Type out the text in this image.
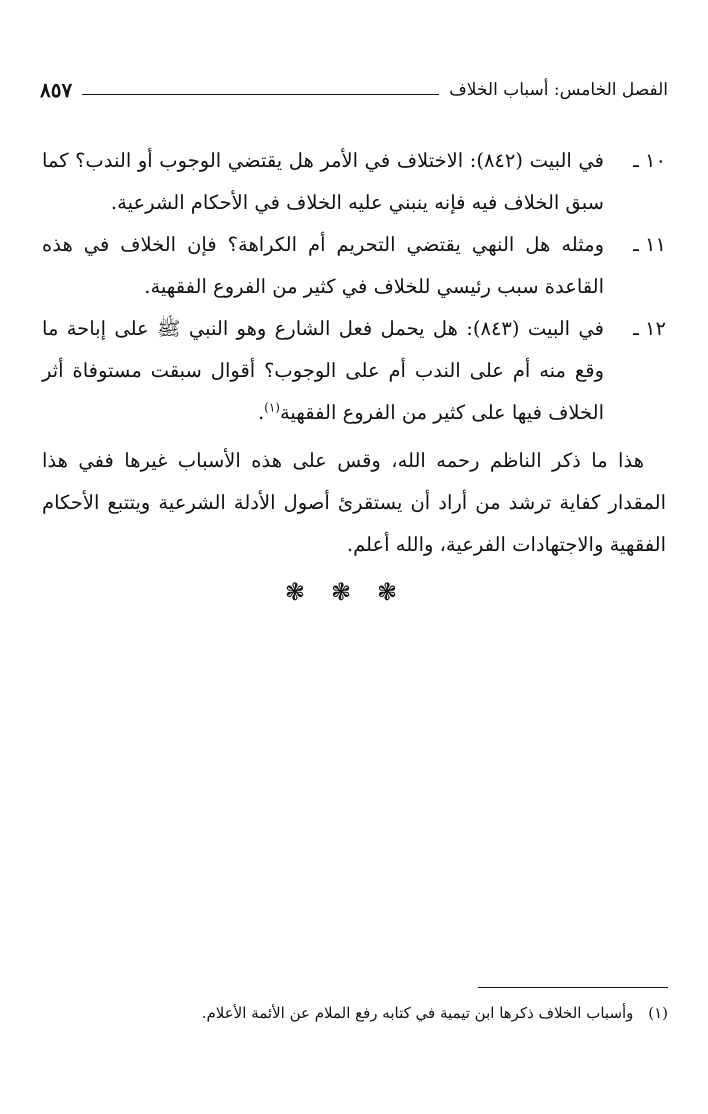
الفصل الخامس: أسباب الخلاف
٨٥٧
١٠ ـ
في البيت (٨٤٢): الاختلاف في الأمر هل يقتضي الوجوب أو الندب؟ كما سبق الخلاف فيه فإنه ينبني عليه الخلاف في الأحكام الشرعية.
١١ ـ
ومثله هل النهي يقتضي التحريم أم الكراهة؟ فإن الخلاف في هذه القاعدة سبب رئيسي للخلاف في كثير من الفروع الفقهية.
١٢ ـ
في البيت (٨٤٣): هل يحمل فعل الشارع وهو النبي ﷺ على إباحة ما وقع منه أم على الندب أم على الوجوب؟ أقوال سبقت مستوفاة أثر الخلاف فيها على كثير من الفروع الفقهية$^{(١)}$.

هذا ما ذكر الناظم رحمه الله، وقس على هذه الأسباب غيرها ففي هذا المقدار كفاية ترشد من أراد أن يستقرئ أصول الأدلة الشرعية ويتتبع الأحكام الفقهية والاجتهادات الفرعية، والله أعلم.

❃❃❃
(١) وأسباب الخلاف ذكرها ابن تيمية في كتابه رفع الملام عن الأئمة الأعلام.
